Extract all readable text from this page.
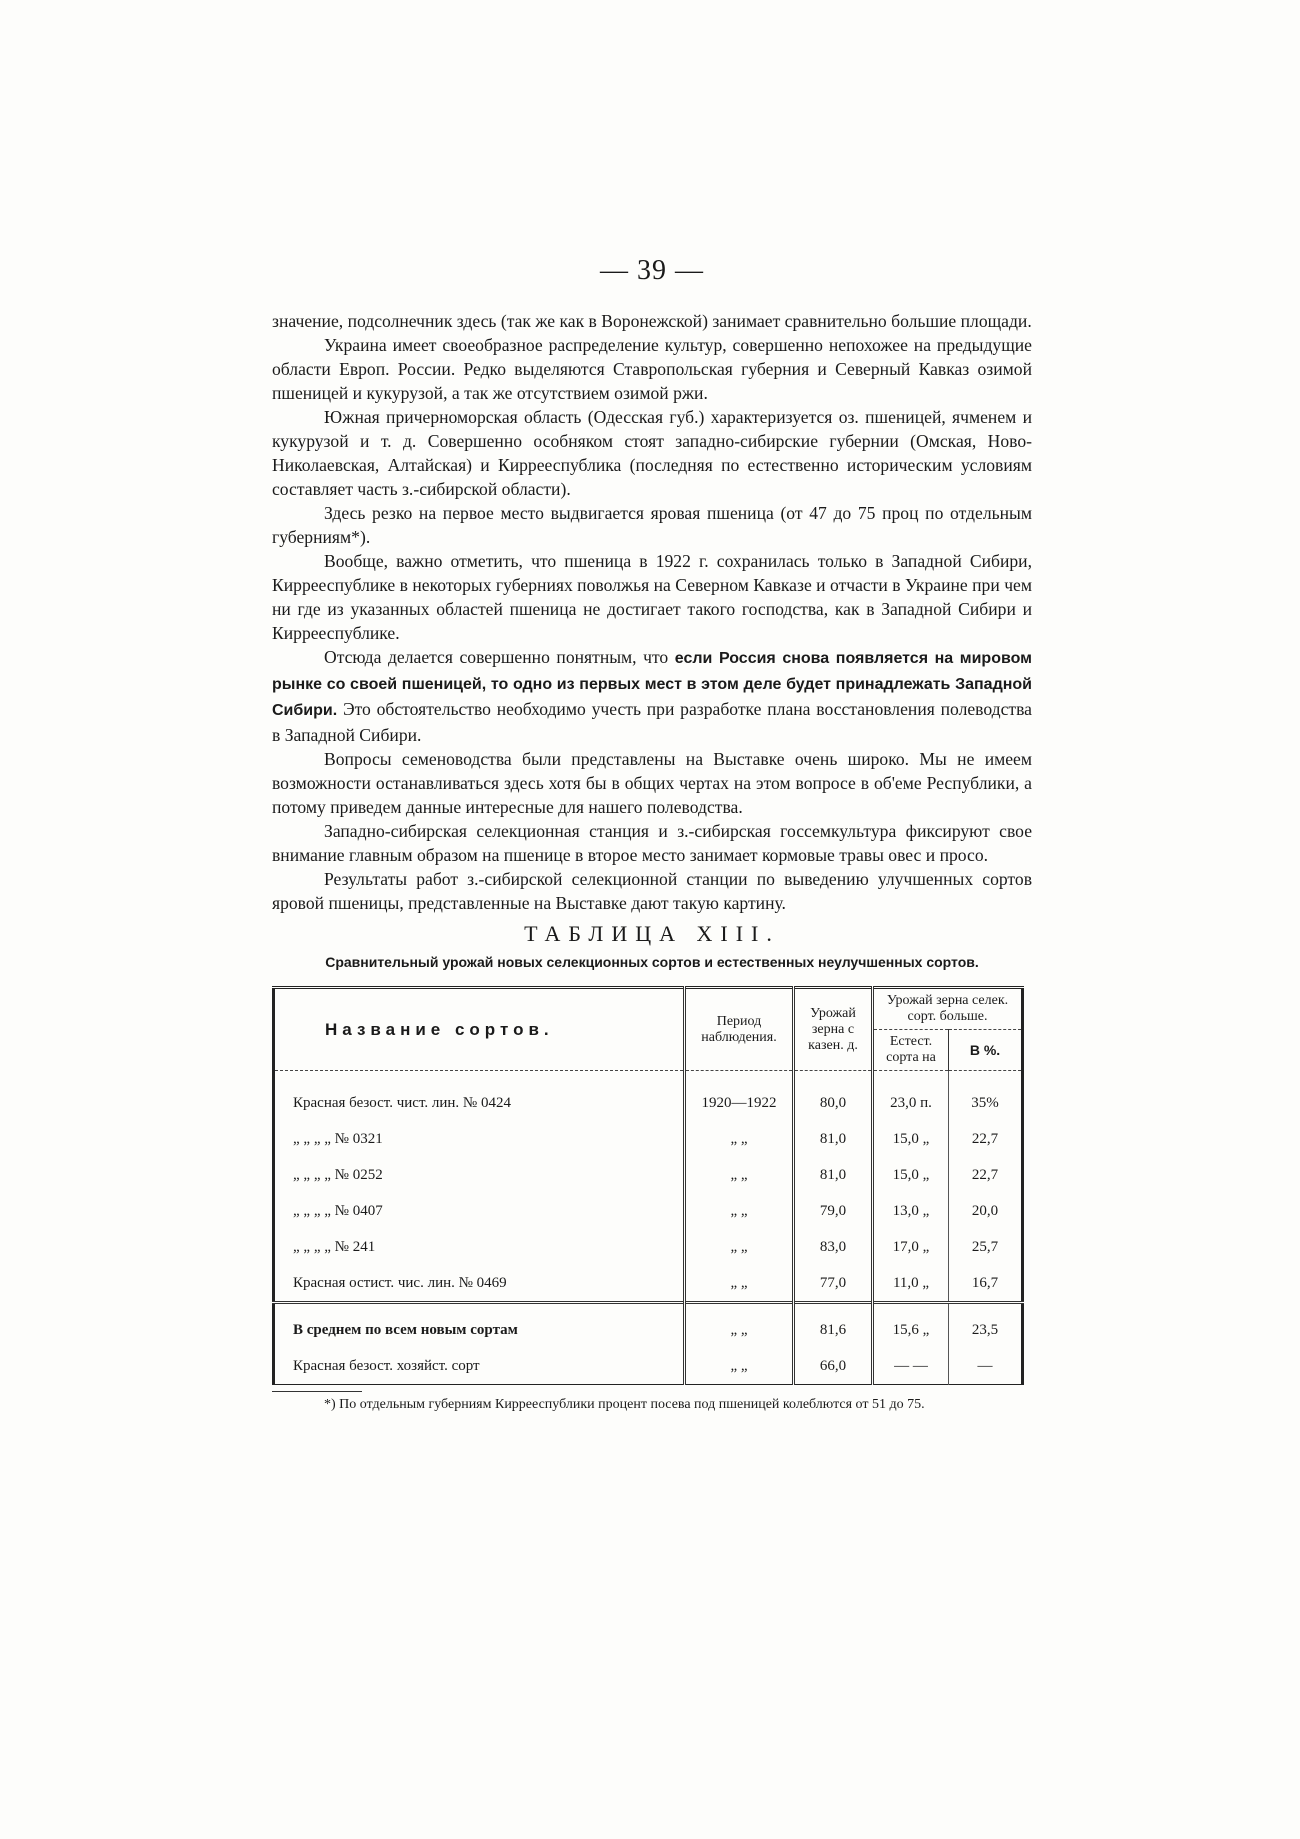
— 39 —

значение, подсолнечник здесь (так же как в Воронежской) занимает сравнительно большие площади.

Украина имеет своеобразное распределение культур, совершенно непохожее на предыдущие области Европ. России. Редко выделяются Ставропольская губерния и Северный Кавказ озимой пшеницей и кукурузой, а так же отсутствием озимой ржи.

Южная причерноморская область (Одесская губ.) характеризуется оз. пшеницей, ячменем и кукурузой и т. д. Совершенно особняком стоят западно-сибирские губернии (Омская, Ново-Николаевская, Алтайская) и Киррееспублика (последняя по естественно историческим условиям составляет часть з.-сибирской области).

Здесь резко на первое место выдвигается яровая пшеница (от 47 до 75 проц по отдельным губерниям*).

Вообще, важно отметить, что пшеница в 1922 г. сохранилась только в Западной Сибири, Киррееспублике в некоторых губерниях поволжья на Северном Кавказе и отчасти в Украине при чем ни где из указанных областей пшеница не достигает такого господства, как в Западной Сибири и Киррееспублике.

Отсюда делается совершенно понятным, что если Россия снова появляется на мировом рынке со своей пшеницей, то одно из первых мест в этом деле будет принадлежать Западной Сибири. Это обстоятельство необходимо учесть при разработке плана восстановления полеводства в Западной Сибири.

Вопросы семеноводства были представлены на Выставке очень широко. Мы не имеем возможности останавливаться здесь хотя бы в общих чертах на этом вопросе в об'еме Республики, а потому приведем данные интересные для нашего полеводства.

Западно-сибирская селекционная станция и з.-сибирская госсемкультура фиксируют свое внимание главным образом на пшенице в второе место занимает кормовые травы овес и просо.

Результаты работ з.-сибирской селекционной станции по выведению улучшенных сортов яровой пшеницы, представленные на Выставке дают такую картину.

ТАБЛИЦА XIII.
Сравнительный урожай новых селекционных сортов и естественных неулучшенных сортов.
Название сортов.	Период наблюдения.	Урожай зерна с казен. д.	Урожай зерна селек. сорт. больше.	
			Естест. сорта на	В %.

Красная безост. чист. лин. № 0424	1920—1922	80,0	23,0 п.	35%
„ „ „ „ № 0321	„ „	81,0	15,0 „	22,7
„ „ „ „ № 0252	„ „	81,0	15,0 „	22,7
„ „ „ „ № 0407	„ „	79,0	13,0 „	20,0
„ „ „ „ № 241	„ „	83,0	17,0 „	25,7
Красная остист. чис. лин. № 0469	„ „	77,0	11,0 „	16,7

В среднем по всем новым сортам	„ „	81,6	15,6 „	23,5
Красная безост. хозяйст. сорт	„ „	66,0	— —	—

*) По отдельным губерниям Киррееспублики процент посева под пшеницей колеблются от 51 до 75.
